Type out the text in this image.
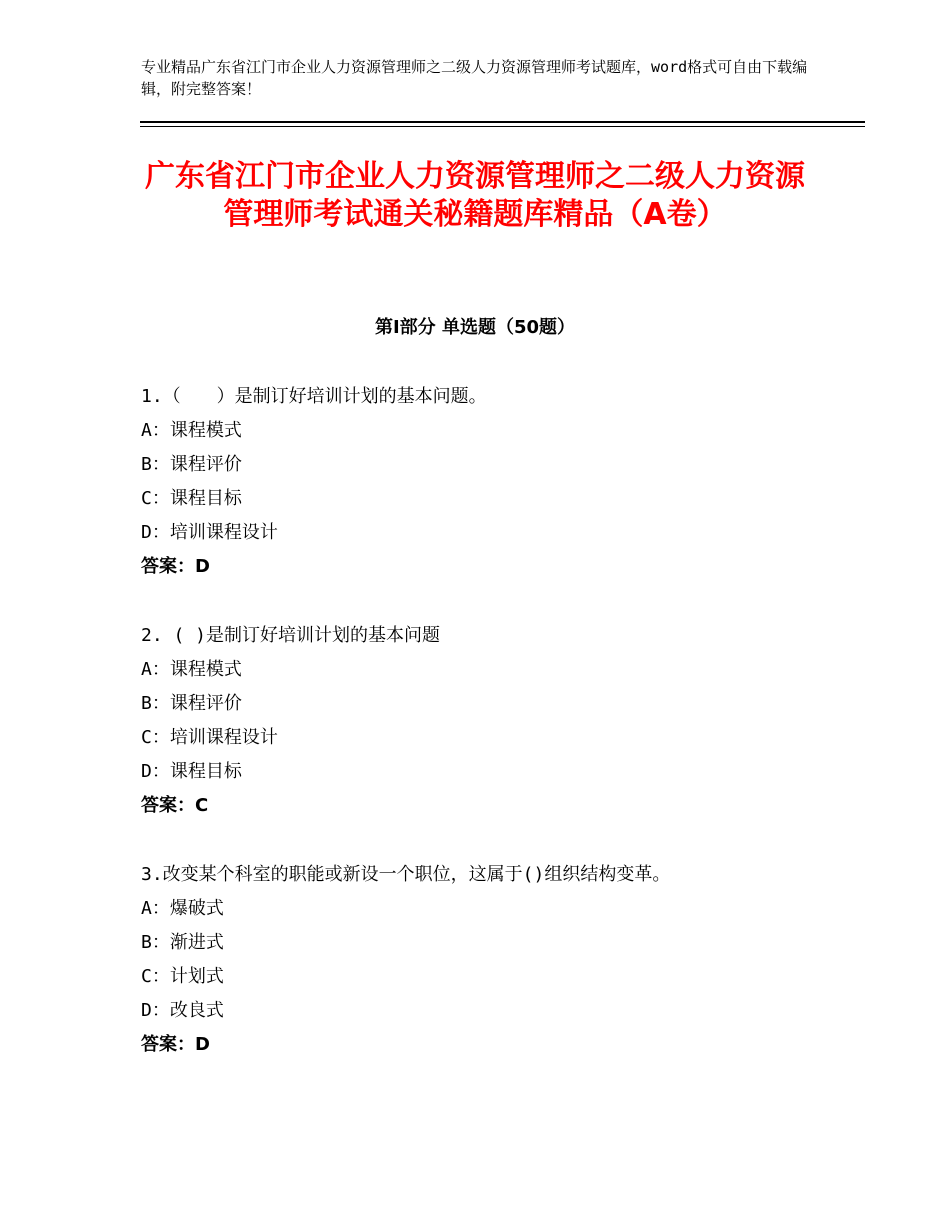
专业精品广东省江门市企业人力资源管理师之二级人力资源管理师考试题库，word格式可自由下载编辑，附完整答案！
广东省江门市企业人力资源管理师之二级人力资源管理师考试通关秘籍题库精品（A卷）
第Ⅰ部分 单选题（50题）
1.（　　）是制订好培训计划的基本问题。
A：课程模式
B：课程评价
C：课程目标
D：培训课程设计
答案：D
2. ( )是制订好培训计划的基本问题
A：课程模式
B：课程评价
C：培训课程设计
D：课程目标
答案：C
3.改变某个科室的职能或新设一个职位，这属于()组织结构变革。
A：爆破式
B：渐进式
C：计划式
D：改良式
答案：D
